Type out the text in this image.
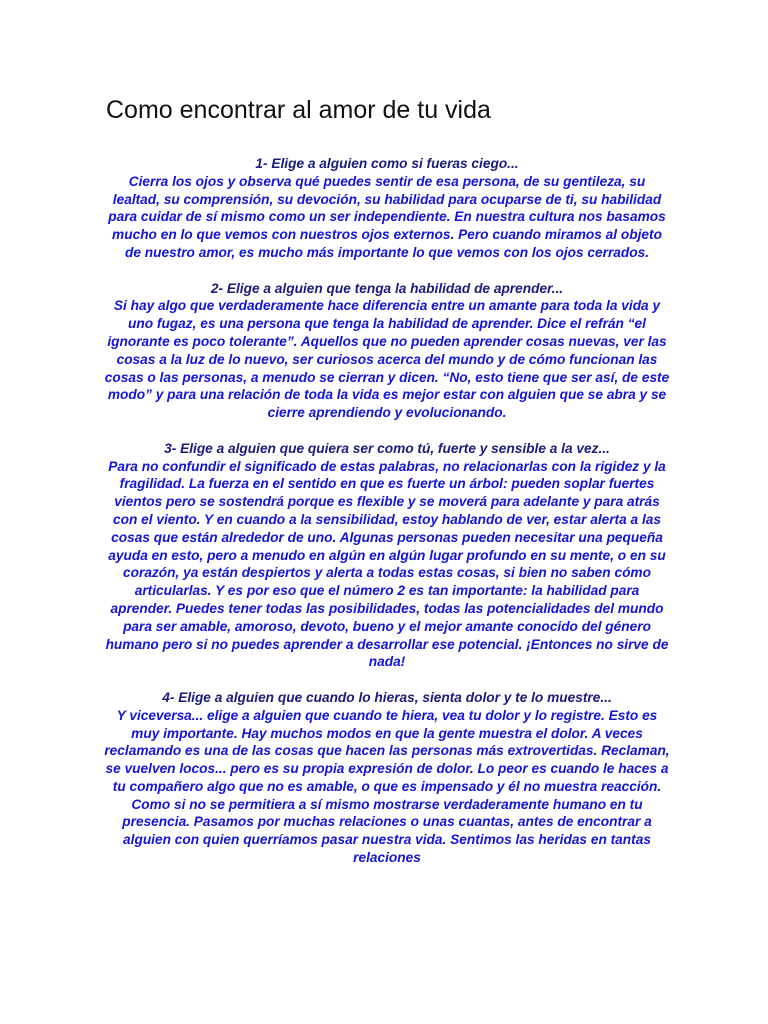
Como encontrar al amor de tu vida

1- Elige a alguien como si fueras ciego...
Cierra los ojos y observa qué puedes sentir de esa persona, de su gentileza, su lealtad, su comprensión, su devoción, su habilidad para ocuparse de ti, su habilidad para cuidar de sí mismo como un ser independiente. En nuestra cultura nos basamos mucho en lo que vemos con nuestros ojos externos. Pero cuando miramos al objeto de nuestro amor, es mucho más importante lo que vemos con los ojos cerrados.

2- Elige a alguien que tenga la habilidad de aprender...
Si hay algo que verdaderamente hace diferencia entre un amante para toda la vida y uno fugaz, es una persona que tenga la habilidad de aprender. Dice el refrán “el ignorante es poco tolerante”. Aquellos que no pueden aprender cosas nuevas, ver las cosas a la luz de lo nuevo, ser curiosos acerca del mundo y de cómo funcionan las cosas o las personas, a menudo se cierran y dicen. “No, esto tiene que ser así, de este modo” y para una relación de toda la vida es mejor estar con alguien que se abra y se cierre aprendiendo y evolucionando.

3- Elige a alguien que quiera ser como tú, fuerte y sensible a la vez...
Para no confundir el significado de estas palabras, no relacionarlas con la rigidez y la fragilidad. La fuerza en el sentido en que es fuerte un árbol: pueden soplar fuertes vientos pero se sostendrá porque es flexible y se moverá para adelante y para atrás con el viento. Y en cuando a la sensibilidad, estoy hablando de ver, estar alerta a las cosas que están alrededor de uno. Algunas personas pueden necesitar una pequeña ayuda en esto, pero a menudo en algún en algún lugar profundo en su mente, o en su corazón, ya están despiertos y alerta a todas estas cosas, si bien no saben cómo articularlas. Y es por eso que el número 2 es tan importante: la habilidad para aprender. Puedes tener todas las posibilidades, todas las potencialidades del mundo para ser amable, amoroso, devoto, bueno y el mejor amante conocido del género humano pero si no puedes aprender a desarrollar ese potencial. ¡Entonces no sirve de nada!

4- Elige a alguien que cuando lo hieras, sienta dolor y te lo muestre...
Y viceversa... elige a alguien que cuando te hiera, vea tu dolor y lo registre. Esto es muy importante. Hay muchos modos en que la gente muestra el dolor. A veces reclamando es una de las cosas que hacen las personas más extrovertidas. Reclaman, se vuelven locos... pero es su propia expresión de dolor. Lo peor es cuando le haces a tu compañero algo que no es amable, o que es impensado y él no muestra reacción. Como si no se permitiera a sí mismo mostrarse verdaderamente humano en tu presencia. Pasamos por muchas relaciones o unas cuantas, antes de encontrar a alguien con quien querríamos pasar nuestra vida. Sentimos las heridas en tantas relaciones
